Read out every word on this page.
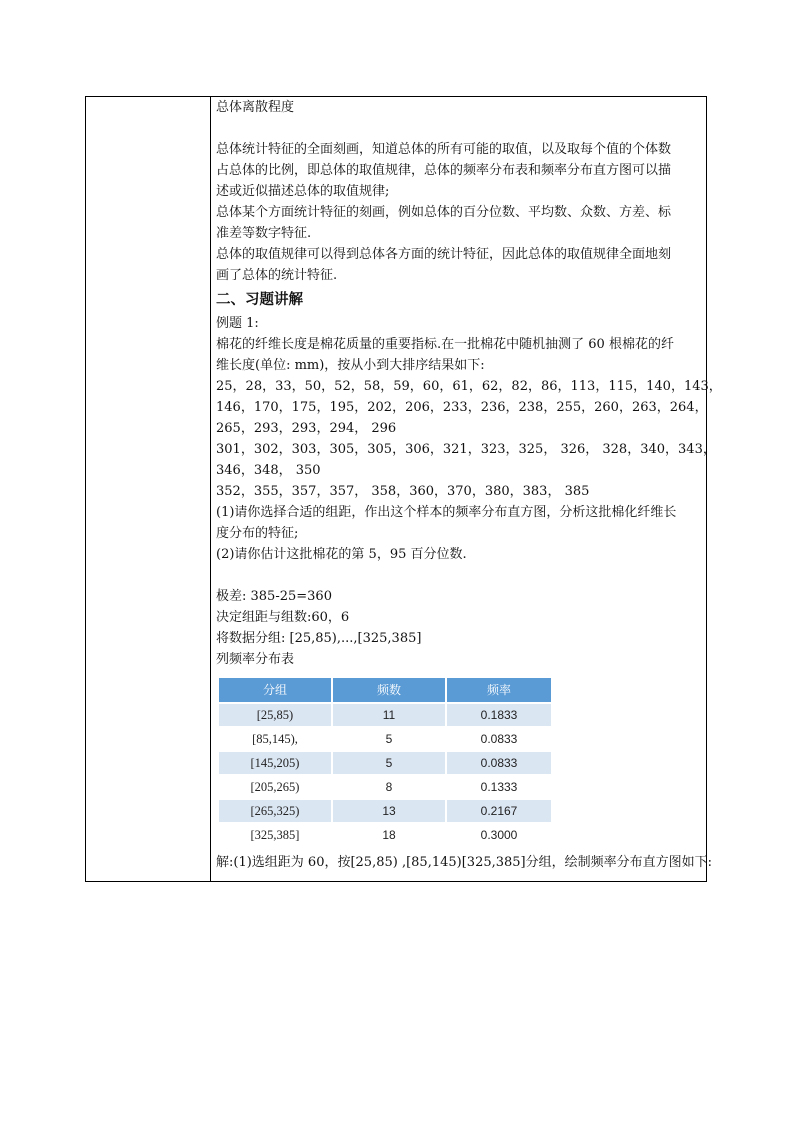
总体离散程度
总体统计特征的全面刻画，知道总体的所有可能的取值，以及取每个值的个体数
占总体的比例，即总体的取值规律，总体的频率分布表和频率分布直方图可以描
述或近似描述总体的取值规律;
总体某个方面统计特征的刻画，例如总体的百分位数、平均数、众数、方差、标
准差等数字特征.
总体的取值规律可以得到总体各方面的统计特征，因此总体的取值规律全面地刻
画了总体的统计特征.
二、习题讲解
例题 1:
棉花的纤维长度是棉花质量的重要指标.在一批棉花中随机抽测了 60 根棉花的纤
维长度(单位: mm)，按从小到大排序结果如下:
25，28，33，50，52，58，59，60，61，62，82，86，113，115，140，143，
146，170，175，195，202，206，233，236，238，255，260，263，264，
265，293，293，294， 296
301，302，303，305，305，306，321，323，325， 326， 328，340，343，
346，348， 350
352，355，357，357， 358，360，370，380，383， 385
(1)请你选择合适的组距，作出这个样本的频率分布直方图，分析这批棉化纤维长
度分布的特征;
(2)请你估计这批棉花的第 5，95 百分位数.
极差: 385-25=360
决定组距与组数:60，6
将数据分组: [25,85),...,[325,385]
列频率分布表
分组	频数	频率
[25,85)	11	0.1833
[85,145),	5	0.0833
[145,205)	5	0.0833
[205,265)	8	0.1333
[265,325)	13	0.2167
[325,385]	18	0.3000
解:(1)选组距为 60，按[25,85) ,[85,145)[325,385]分组，绘制频率分布直方图如下:
